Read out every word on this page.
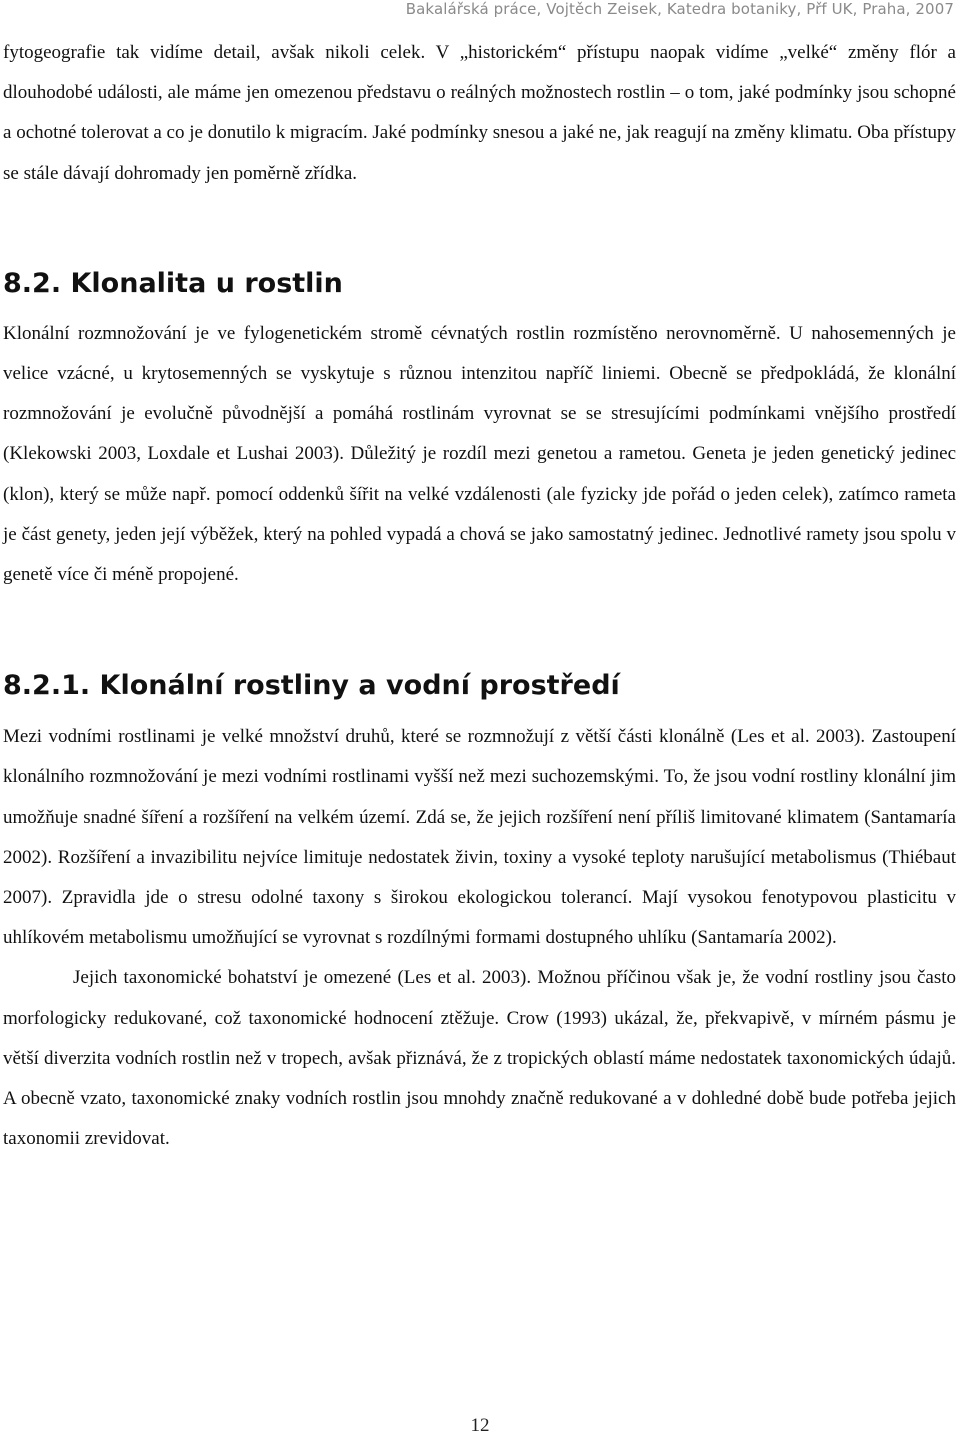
Bakalářská práce, Vojtěch Zeisek, Katedra botaniky, Přf UK, Praha, 2007

fytogeografie tak vidíme detail, avšak nikoli celek. V „historickém“ přístupu naopak vidíme „velké“ změny flór a dlouhodobé události, ale máme jen omezenou představu o reálných možnostech rostlin – o tom, jaké podmínky jsou schopné a ochotné tolerovat a co je donutilo k migracím. Jaké podmínky snesou a jaké ne, jak reagují na změny klimatu. Oba přístupy se stále dávají dohromady jen poměrně zřídka.

8.2. Klonalita u rostlin

Klonální rozmnožování je ve fylogenetickém stromě cévnatých rostlin rozmístěno nerovnoměrně. U nahosemenných je velice vzácné, u krytosemenných se vyskytuje s různou intenzitou napříč liniemi. Obecně se předpokládá, že klonální rozmnožování je evolučně původnější a pomáhá rostlinám vyrovnat se se stresujícími podmínkami vnějšího prostředí (Klekowski 2003, Loxdale et Lushai 2003). Důležitý je rozdíl mezi genetou a rametou. Geneta je jeden genetický jedinec (klon), který se může např. pomocí oddenků šířit na velké vzdálenosti (ale fyzicky jde pořád o jeden celek), zatímco rameta je část genety, jeden její výběžek, který na pohled vypadá a chová se jako samostatný jedinec. Jednotlivé ramety jsou spolu v genetě více či méně propojené.

8.2.1. Klonální rostliny a vodní prostředí

Mezi vodními rostlinami je velké množství druhů, které se rozmnožují z větší části klonálně (Les et al. 2003). Zastoupení klonálního rozmnožování je mezi vodními rostlinami vyšší než mezi suchozemskými. To, že jsou vodní rostliny klonální jim umožňuje snadné šíření a rozšíření na velkém území. Zdá se, že jejich rozšíření není příliš limitované klimatem (Santamaría 2002). Rozšíření a invazibilitu nejvíce limituje nedostatek živin, toxiny a vysoké teploty narušující metabolismus (Thiébaut 2007). Zpravidla jde o stresu odolné taxony s širokou ekologickou tolerancí. Mají vysokou fenotypovou plasticitu v uhlíkovém metabolismu umožňující se vyrovnat s rozdílnými formami dostupného uhlíku (Santamaría 2002).

Jejich taxonomické bohatství je omezené (Les et al. 2003). Možnou příčinou však je, že vodní rostliny jsou často morfologicky redukované, což taxonomické hodnocení ztěžuje. Crow (1993) ukázal, že, překvapivě, v mírném pásmu je větší diverzita vodních rostlin než v tropech, avšak přiznává, že z tropických oblastí máme nedostatek taxonomických údajů. A obecně vzato, taxonomické znaky vodních rostlin jsou mnohdy značně redukované a v dohledné době bude potřeba jejich taxonomii zrevidovat.

12
